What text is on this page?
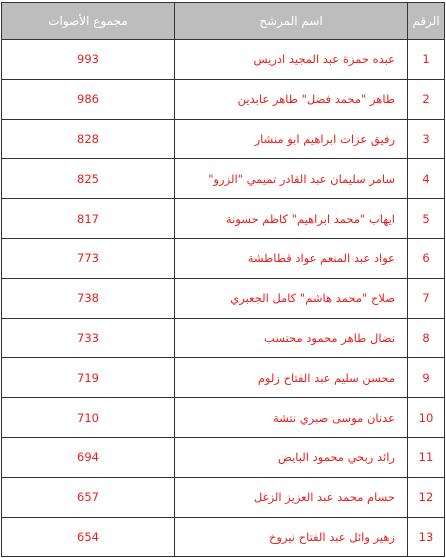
مجموع الأصوات	اسم المرشح	الرقم
993	عبده حمزة عبد المجيد ادريس	1
986	طاهر "محمد فضل" طاهر عابدين	2
828	رفيق عزات ابراهيم ابو منشار	3
825	سامر سليمان عبد القادر تميمي "الزرو"	4
817	ايهاب "محمد ابراهيم" كاظم حسونة	5
773	عواد عبد المنعم عواد قطاطشة	6
738	صلاح "محمد هاشم" كامل الجعبري	7
733	نضال طاهر محمود محتسب	8
719	محسن سليم عبد الفتاح زلوم	9
710	عدنان موسى صبري نتشة	10
694	رائد ربحي محمود البايض	11
657	حسام محمد عبد العزيز الزغل	12
654	زهير وائل عبد الفتاح نيروخ	13
